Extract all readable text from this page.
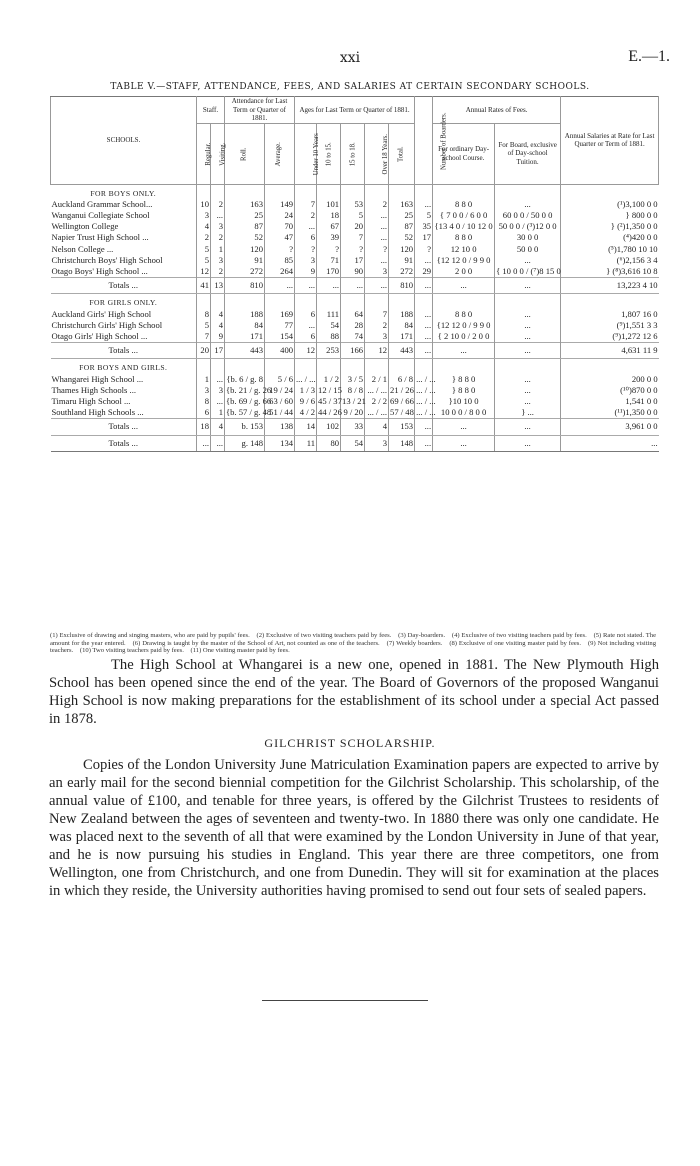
xxi	E.—1.
TABLE V.—STAFF, ATTENDANCE, FEES, AND SALARIES AT CERTAIN SECONDARY SCHOOLS.
SCHOOLS.	Staff.		Attendance for Last Term or Quarter of 1881.		Ages for Last Term or Quarter of 1881.					Number of Boarders.	Annual Rates of Fees.		Annual Salaries at Rate for Last Quarter or Term of 1881.
	Regular.	Visiting.	Roll.	Average.	Under 10 Years	10 to 15.	15 to 18.	Over 18 Years.	Total.		For ordinary Day-school Course.	For Board, exclusive of Day-school Tuition.	

FOR BOYS ONLY.													
Auckland Grammar School...	10	2	163	149	7	101	53	2	163	...	8 8 0	...	(¹)3,100 0 0
Wanganui Collegiate School	3	...	25	24	2	18	5	...	25	5	{ 7 0 0 / 6 0 0	60 0 0 / 50 0 0	} 800 0 0
Wellington College	4	3	87	70	...	67	20	...	87	35	{13 4 0 / 10 12 0	50 0 0 / (³)12 0 0	} (²)1,350 0 0
Napier Trust High School ...	2	2	52	47	6	39	7	...	52	17	8 8 0	30 0 0	(⁴)420 0 0
Nelson College ...	5	1	120	?	?	?	?	?	120	?	12 10 0	50 0 0	(⁵)1,780 10 10
Christchurch Boys' High School	5	3	91	85	3	71	17	...	91	...	{12 12 0 / 9 9 0	...	(⁶)2,156 3 4
Otago Boys' High School ...	12	2	272	264	9	170	90	3	272	29	2 0 0	{ 10 0 0 / (⁷)8 15 0	} (⁸)3,616 10 8
Totals ...	41	13	810	...	...	...	...	...	810	...	...	...	13,223 4 10
FOR GIRLS ONLY.													
Auckland Girls' High School	8	4	188	169	6	111	64	7	188	...	8 8 0	...	1,807 16 0
Christchurch Girls' High School	5	4	84	77	...	54	28	2	84	...	{12 12 0 / 9 9 0	...	(⁹)1,551 3 3
Otago Girls' High School ...	7	9	171	154	6	88	74	3	171	...	{ 2 10 0 / 2 0 0	...	(⁹)1,272 12 6
Totals ...	20	17	443	400	12	253	166	12	443	...	...	...	4,631 11 9
FOR BOYS AND GIRLS.													
Whangarei High School ...	1	...	{b. 6 / g. 8	5 / 6	... / ...	1 / 2	3 / 5	2 / 1	6 / 8	... / ...	} 8 8 0	...	200 0 0
Thames High Schools ...	3	3	{b. 21 / g. 26	19 / 24	1 / 3	12 / 15	8 / 8	... / ...	21 / 26	... / ...	} 8 8 0	...	(¹⁰)870 0 0
Timaru High School ...	8	...	{b. 69 / g. 66	63 / 60	9 / 6	45 / 37	13 / 21	2 / 2	69 / 66	... / ...	}10 10 0	...	1,541 0 0
Southland High Schools ...	6	1	{b. 57 / g. 48	51 / 44	4 / 2	44 / 26	9 / 20	... / ...	57 / 48	... / ...	10 0 0 / 8 0 0	} ...	(¹¹)1,350 0 0
Totals ...	18	4	b. 153	138	14	102	33	4	153	...	...	...	3,961 0 0
Totals ...	...	...	g. 148	134	11	80	54	3	148	...	...	...	...
(1) Exclusive of drawing and singing masters, who are paid by pupils' fees. (2) Exclusive of two visiting teachers paid by fees. (3) Day-boarders. (4) Exclusive of two visiting teachers paid by fees. (5) Rate not stated. The amount for the year entered. (6) Drawing is taught by the master of the School of Art, not counted as one of the teachers. (7) Weekly boarders. (8) Exclusive of one visiting master paid by fees. (9) Not including visiting teachers. (10) Two visiting teachers paid by fees. (11) One visiting master paid by fees.
The High School at Whangarei is a new one, opened in 1881. The New Plymouth High School has been opened since the end of the year. The Board of Governors of the proposed Wanganui High School is now making preparations for the establishment of its school under a special Act passed in 1878.
GILCHRIST SCHOLARSHIP.
Copies of the London University June Matriculation Examination papers are expected to arrive by an early mail for the second biennial competition for the Gilchrist Scholarship. This scholarship, of the annual value of £100, and tenable for three years, is offered by the Gilchrist Trustees to residents of New Zealand between the ages of seventeen and twenty-two. In 1880 there was only one candidate. He was placed next to the seventh of all that were examined by the London University in June of that year, and he is now pursuing his studies in England. This year there are three competitors, one from Wellington, one from Christchurch, and one from Dunedin. They will sit for examination at the places in which they reside, the University authorities having promised to send out four sets of sealed papers.
